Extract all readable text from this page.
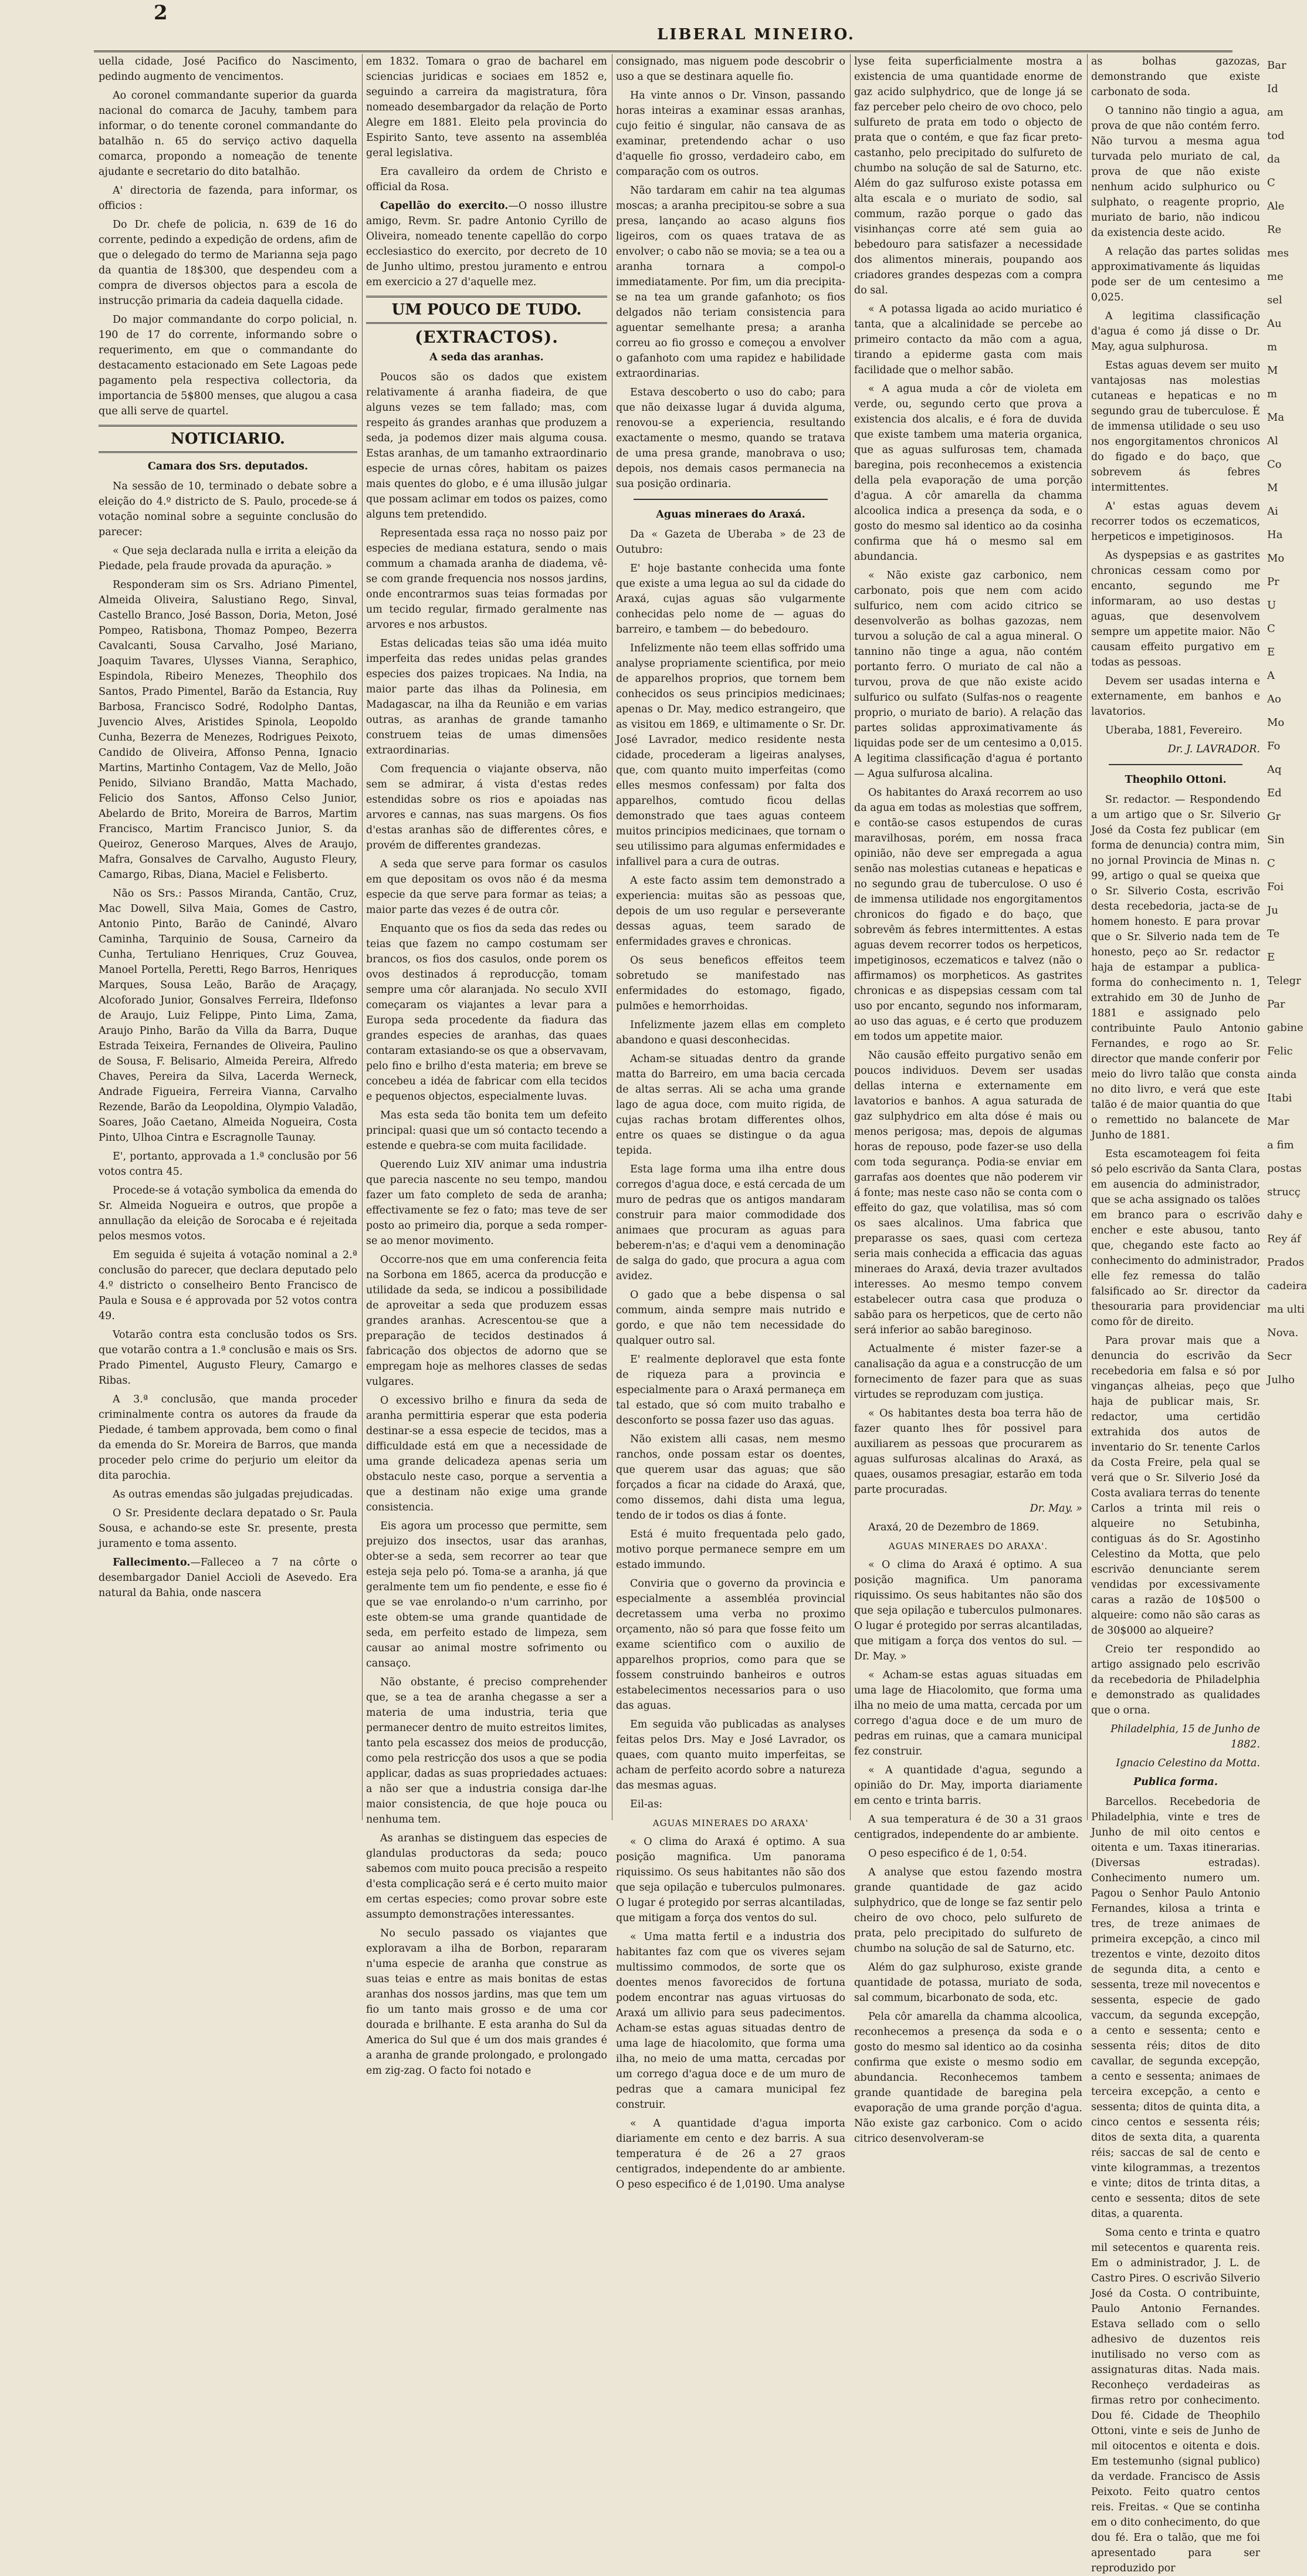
2
LIBERAL MINEIRO.

uella cidade, José Pacifico do Nascimento, pedindo augmento de vencimentos.

Ao coronel commandante superior da guarda nacional do comarca de Jacuhy, tambem para informar, o do tenente coronel commandante do batalhão n. 65 do serviço activo daquella comarca, propondo a nomeação de tenente ajudante e secretario do dito batalhão.

A' directoria de fazenda, para informar, os officios :

Do Dr. chefe de policia, n. 639 de 16 do corrente, pedindo a expedição de ordens, afim de que o delegado do termo de Marianna seja pago da quantia de 18$300, que despendeu com a compra de diversos objectos para a escola de instrucção primaria da cadeia daquella cidade.

Do major commandante do corpo policial, n. 190 de 17 do corrente, informando sobre o requerimento, em que o commandante do destacamento estacionado em Sete Lagoas pede pagamento pela respectiva collectoria, da importancia de 5$800 menses, que alugou a casa que alli serve de quartel.

NOTICIARIO.
Camara dos Srs. deputados.

Na sessão de 10, terminado o debate sobre a eleição do 4.º districto de S. Paulo, procede-se á votação nominal sobre a seguinte conclusão do parecer:

« Que seja declarada nulla e irrita a eleição da Piedade, pela fraude provada da apuração. »

Responderam sim os Srs. Adriano Pimentel, Almeida Oliveira, Salustiano Rego, Sinval, Castello Branco, José Basson, Doria, Meton, José Pompeo, Ratisbona, Thomaz Pompeo, Bezerra Cavalcanti, Sousa Carvalho, José Mariano, Joaquim Tavares, Ulysses Vianna, Seraphico, Espindola, Ribeiro Menezes, Theophilo dos Santos, Prado Pimentel, Barão da Estancia, Ruy Barbosa, Francisco Sodré, Rodolpho Dantas, Juvencio Alves, Aristides Spinola, Leopoldo Cunha, Bezerra de Menezes, Rodrigues Peixoto, Candido de Oliveira, Affonso Penna, Ignacio Martins, Martinho Contagem, Vaz de Mello, João Penido, Silviano Brandão, Matta Machado, Felicio dos Santos, Affonso Celso Junior, Abelardo de Brito, Moreira de Barros, Martim Francisco, Martim Francisco Junior, S. da Queiroz, Generoso Marques, Alves de Araujo, Mafra, Gonsalves de Carvalho, Augusto Fleury, Camargo, Ribas, Diana, Maciel e Felisberto.

Não os Srs.: Passos Miranda, Cantão, Cruz, Mac Dowell, Silva Maia, Gomes de Castro, Antonio Pinto, Barão de Canindé, Alvaro Caminha, Tarquinio de Sousa, Carneiro da Cunha, Tertuliano Henriques, Cruz Gouvea, Manoel Portella, Peretti, Rego Barros, Henriques Marques, Sousa Leão, Barão de Araçagy, Alcoforado Junior, Gonsalves Ferreira, Ildefonso de Araujo, Luiz Felippe, Pinto Lima, Zama, Araujo Pinho, Barão da Villa da Barra, Duque Estrada Teixeira, Fernandes de Oliveira, Paulino de Sousa, F. Belisario, Almeida Pereira, Alfredo Chaves, Pereira da Silva, Lacerda Werneck, Andrade Figueira, Ferreira Vianna, Carvalho Rezende, Barão da Leopoldina, Olympio Valadão, Soares, João Caetano, Almeida Nogueira, Costa Pinto, Ulhoa Cintra e Escragnolle Taunay.

E', portanto, approvada a 1.ª conclusão por 56 votos contra 45.

Procede-se á votação symbolica da emenda do Sr. Almeida Nogueira e outros, que propõe a annullação da eleição de Sorocaba e é rejeitada pelos mesmos votos.

Em seguida é sujeita á votação nominal a 2.ª conclusão do parecer, que declara deputado pelo 4.º districto o conselheiro Bento Francisco de Paula e Sousa e é approvada por 52 votos contra 49.

Votarão contra esta conclusão todos os Srs. que votarão contra a 1.ª conclusão e mais os Srs. Prado Pimentel, Augusto Fleury, Camargo e Ribas.

A 3.ª conclusão, que manda proceder criminalmente contra os autores da fraude da Piedade, é tambem approvada, bem como o final da emenda do Sr. Moreira de Barros, que manda proceder pelo crime do perjurio um eleitor da dita parochia.

As outras emendas são julgadas prejudicadas.

O Sr. Presidente declara depatado o Sr. Paula Sousa, e achando-se este Sr. presente, presta juramento e toma assento.

Fallecimento.—Falleceo a 7 na côrte o desembargador Daniel Accioli de Asevedo. Era natural da Bahia, onde nascera

em 1832. Tomara o grao de bacharel em sciencias juridicas e sociaes em 1852 e, seguindo a carreira da magistratura, fôra nomeado desembargador da relação de Porto Alegre em 1881. Eleito pela provincia do Espirito Santo, teve assento na assembléa geral legislativa.

Era cavalleiro da ordem de Christo e official da Rosa.

Capellão do exercito.—O nosso illustre amigo, Revm. Sr. padre Antonio Cyrillo de Oliveira, nomeado tenente capellão do corpo ecclesiastico do exercito, por decreto de 10 de Junho ultimo, prestou juramento e entrou em exercicio a 27 d'aquelle mez.

UM POUCO DE TUDO.
(EXTRACTOS).
A seda das aranhas.

Poucos são os dados que existem relativamente á aranha fiadeira, de que alguns vezes se tem fallado; mas, com respeito ás grandes aranhas que produzem a seda, ja podemos dizer mais alguma cousa. Estas aranhas, de um tamanho extraordinario especie de urnas côres, habitam os paizes mais quentes do globo, e é uma illusão julgar que possam aclimar em todos os paizes, como alguns tem pretendido.

Representada essa raça no nosso paiz por especies de mediana estatura, sendo o mais commum a chamada aranha de diadema, vê-se com grande frequencia nos nossos jardins, onde encontrarmos suas teias formadas por um tecido regular, firmado geralmente nas arvores e nos arbustos.

Estas delicadas teias são uma idéa muito imperfeita das redes unidas pelas grandes especies dos paizes tropicaes. Na India, na maior parte das ilhas da Polinesia, em Madagascar, na ilha da Reunião e em varias outras, as aranhas de grande tamanho construem teias de umas dimensões extraordinarias.

Com frequencia o viajante observa, não sem se admirar, á vista d'estas redes estendidas sobre os rios e apoiadas nas arvores e cannas, nas suas margens. Os fios d'estas aranhas são de differentes côres, e provém de differentes grandezas.

A seda que serve para formar os casulos em que depositam os ovos não é da mesma especie da que serve para formar as teias; a maior parte das vezes é de outra côr.

Enquanto que os fios da seda das redes ou teias que fazem no campo costumam ser brancos, os fios dos casulos, onde porem os ovos destinados á reproducção, tomam sempre uma côr alaranjada. No seculo XVII começaram os viajantes a levar para a Europa seda procedente da fiadura das grandes especies de aranhas, das quaes contaram extasiando-se os que a observavam, pelo fino e brilho d'esta materia; em breve se concebeu a idéa de fabricar com ella tecidos e pequenos objectos, especialmente luvas.

Mas esta seda tão bonita tem um defeito principal: quasi que um só contacto tecendo a estende e quebra-se com muita facilidade.

Querendo Luiz XIV animar uma industria que parecia nascente no seu tempo, mandou fazer um fato completo de seda de aranha; effectivamente se fez o fato; mas teve de ser posto ao primeiro dia, porque a seda romper-se ao menor movimento.

Occorre-nos que em uma conferencia feita na Sorbona em 1865, acerca da producção e utilidade da seda, se indicou a possibilidade de aproveitar a seda que produzem essas grandes aranhas. Acrescentou-se que a preparação de tecidos destinados á fabricação dos objectos de adorno que se empregam hoje as melhores classes de sedas vulgares.

O excessivo brilho e finura da seda de aranha permittiria esperar que esta poderia destinar-se a essa especie de tecidos, mas a difficuldade está em que a necessidade de uma grande delicadeza apenas seria um obstaculo neste caso, porque a serventia a que a destinam não exige uma grande consistencia.

Eis agora um processo que permitte, sem prejuizo dos insectos, usar das aranhas, obter-se a seda, sem recorrer ao tear que esteja seja pelo pó. Toma-se a aranha, já que geralmente tem um fio pendente, e esse fio é que se vae enrolando-o n'um carrinho, por este obtem-se uma grande quantidade de seda, em perfeito estado de limpeza, sem causar ao animal mostre sofrimento ou cansaço.

Não obstante, é preciso comprehender que, se a tea de aranha chegasse a ser a materia de uma industria, teria que permanecer dentro de muito estreitos limites, tanto pela escassez dos meios de producção, como pela restricção dos usos a que se podia applicar, dadas as suas propriedades actuaes: a não ser que a industria consiga dar-lhe maior consistencia, de que hoje pouca ou nenhuma tem.

As aranhas se distinguem das especies de glandulas productoras da seda; pouco sabemos com muito pouca precisão a respeito d'esta complicação será e é certo muito maior em certas especies; como provar sobre este assumpto demonstrações interessantes.

No seculo passado os viajantes que exploravam a ilha de Borbon, repararam n'uma especie de aranha que construe as suas teias e entre as mais bonitas de estas aranhas dos nossos jardins, mas que tem um fio um tanto mais grosso e de uma cor dourada e brilhante. E esta aranha do Sul da America do Sul que é um dos mais grandes é a aranha de grande prolongado, e prolongado em zig-zag. O facto foi notado e

consignado, mas niguem pode descobrir o uso a que se destinara aquelle fio.

Ha vinte annos o Dr. Vinson, passando horas inteiras a examinar essas aranhas, cujo feitio é singular, não cansava de as examinar, pretendendo achar o uso d'aquelle fio grosso, verdadeiro cabo, em comparação com os outros.

Não tardaram em cahir na tea algumas moscas; a aranha precipitou-se sobre a sua presa, lançando ao acaso alguns fios ligeiros, com os quaes tratava de as envolver; o cabo não se movia; se a tea ou a aranha tornara a compol-o immediatamente. Por fim, um dia precipita-se na tea um grande gafanhoto; os fios delgados não teriam consistencia para aguentar semelhante presa; a aranha correu ao fio grosso e começou a envolver o gafanhoto com uma rapidez e habilidade extraordinarias.

Estava descoberto o uso do cabo; para que não deixasse lugar á duvida alguma, renovou-se a experiencia, resultando exactamente o mesmo, quando se tratava de uma presa grande, manobrava o uso; depois, nos demais casos permanecia na sua posição ordinaria.

Aguas mineraes do Araxá.

Da « Gazeta de Uberaba » de 23 de Outubro:

E' hoje bastante conhecida uma fonte que existe a uma legua ao sul da cidade do Araxá, cujas aguas são vulgarmente conhecidas pelo nome de — aguas do barreiro, e tambem — do bebedouro.

Infelizmente não teem ellas soffrido uma analyse propriamente scientifica, por meio de apparelhos proprios, que tornem bem conhecidos os seus principios medicinaes; apenas o Dr. May, medico estrangeiro, que as visitou em 1869, e ultimamente o Sr. Dr. José Lavrador, medico residente nesta cidade, procederam a ligeiras analyses, que, com quanto muito imperfeitas (como elles mesmos confessam) por falta dos apparelhos, comtudo ficou dellas demonstrado que taes aguas conteem muitos principios medicinaes, que tornam o seu utilissimo para algumas enfermidades e infallivel para a cura de outras.

A este facto assim tem demonstrado a experiencia: muitas são as pessoas que, depois de um uso regular e perseverante dessas aguas, teem sarado de enfermidades graves e chronicas.

Os seus beneficos effeitos teem sobretudo se manifestado nas enfermidades do estomago, figado, pulmões e hemorrhoidas.

Infelizmente jazem ellas em completo abandono e quasi desconhecidas.

Acham-se situadas dentro da grande matta do Barreiro, em uma bacia cercada de altas serras. Ali se acha uma grande lago de agua doce, com muito rigida, de cujas rachas brotam differentes olhos, entre os quaes se distingue o da agua tepida.

Esta lage forma uma ilha entre dous corregos d'agua doce, e está cercada de um muro de pedras que os antigos mandaram construir para maior commodidade dos animaes que procuram as aguas para beberem-n'as; e d'aqui vem a denominação de salga do gado, que procura a agua com avidez.

O gado que a bebe dispensa o sal commum, ainda sempre mais nutrido e gordo, e que não tem necessidade do qualquer outro sal.

E' realmente deploravel que esta fonte de riqueza para a provincia e especialmente para o Araxá permaneça em tal estado, que só com muito trabalho e desconforto se possa fazer uso das aguas.

Não existem alli casas, nem mesmo ranchos, onde possam estar os doentes, que querem usar das aguas; que são forçados a ficar na cidade do Araxá, que, como dissemos, dahi dista uma legua, tendo de ir todos os dias á fonte.

Está é muito frequentada pelo gado, motivo porque permanece sempre em um estado immundo.

Conviria que o governo da provincia e especialmente a assembléa provincial decretassem uma verba no proximo orçamento, não só para que fosse feito um exame scientifico com o auxilio de apparelhos proprios, como para que se fossem construindo banheiros e outros estabelecimentos necessarios para o uso das aguas.

Em seguida vão publicadas as analyses feitas pelos Drs. May e José Lavrador, os quaes, com quanto muito imperfeitas, se acham de perfeito acordo sobre a natureza das mesmas aguas.

Eil-as:

AGUAS MINERAES DO ARAXA'

« O clima do Araxá é optimo. A sua posição magnifica. Um panorama riquissimo. Os seus habitantes não são dos que seja opilação e tuberculos pulmonares. O lugar é protegido por serras alcantiladas, que mitigam a força dos ventos do sul.

« Uma matta fertil e a industria dos habitantes faz com que os viveres sejam multissimo commodos, de sorte que os doentes menos favorecidos de fortuna podem encontrar nas aguas virtuosas do Araxá um allivio para seus padecimentos. Acham-se estas aguas situadas dentro de uma lage de hiacolomito, que forma uma ilha, no meio de uma matta, cercadas por um corrego d'agua doce e de um muro de pedras que a camara municipal fez construir.

« A quantidade d'agua importa diariamente em cento e dez barris. A sua temperatura é de 26 a 27 graos centigrados, independente do ar ambiente. O peso especifico é de 1,0190. Uma analyse

lyse feita superficialmente mostra a existencia de uma quantidade enorme de gaz acido sulphydrico, que de longe já se faz perceber pelo cheiro de ovo choco, pelo sulfureto de prata em todo o objecto de prata que o contém, e que faz ficar preto-castanho, pelo precipitado do sulfureto de chumbo na solução de sal de Saturno, etc. Além do gaz sulfuroso existe potassa em alta escala e o muriato de sodio, sal commum, razão porque o gado das visinhanças corre até sem guia ao bebedouro para satisfazer a necessidade dos alimentos minerais, poupando aos criadores grandes despezas com a compra do sal.

« A potassa ligada ao acido muriatico é tanta, que a alcalinidade se percebe ao primeiro contacto da mão com a agua, tirando a epiderme gasta com mais facilidade que o melhor sabão.

« A agua muda a côr de violeta em verde, ou, segundo certo que prova a existencia dos alcalis, e é fora de duvida que existe tambem uma materia organica, que as aguas sulfurosas tem, chamada baregina, pois reconhecemos a existencia della pela evaporação de uma porção d'agua. A côr amarella da chamma alcoolica indica a presença da soda, e o gosto do mesmo sal identico ao da cosinha confirma que há o mesmo sal em abundancia.

« Não existe gaz carbonico, nem carbonato, pois que nem com acido sulfurico, nem com acido citrico se desenvolverão as bolhas gazozas, nem turvou a solução de cal a agua mineral. O tannino não tinge a agua, não contém portanto ferro. O muriato de cal não a turvou, prova de que não existe acido sulfurico ou sulfato (Sulfas-nos o reagente proprio, o muriato de bario). A relação das partes solidas approximativamente ás liquidas pode ser de um centesimo a 0,015. A legitima classificação d'agua é portanto — Agua sulfurosa alcalina.

Os habitantes do Araxá recorrem ao uso da agua em todas as molestias que soffrem, e contão-se casos estupendos de curas maravilhosas, porém, em nossa fraca opinião, não deve ser empregada a agua senão nas molestias cutaneas e hepaticas e no segundo grau de tuberculose. O uso é de immensa utilidade nos engorgitamentos chronicos do figado e do baço, que sobrevêm ás febres intermittentes. A estas aguas devem recorrer todos os herpeticos, impetiginosos, eczematicos e talvez (não o affirmamos) os morpheticos. As gastrites chronicas e as dispepsias cessam com tal uso por encanto, segundo nos informaram, ao uso das aguas, e é certo que produzem em todos um appetite maior.

Não causão effeito purgativo senão em poucos individuos. Devem ser usadas dellas interna e externamente em lavatorios e banhos. A agua saturada de gaz sulphydrico em alta dóse é mais ou menos perigosa; mas, depois de algumas horas de repouso, pode fazer-se uso della com toda segurança. Podia-se enviar em garrafas aos doentes que não poderem vir á fonte; mas neste caso não se conta com o effeito do gaz, que volatilisa, mas só com os saes alcalinos. Uma fabrica que preparasse os saes, quasi com certeza seria mais conhecida a efficacia das aguas mineraes do Araxá, devia trazer avultados interesses. Ao mesmo tempo convem estabelecer outra casa que produza o sabão para os herpeticos, que de certo não será inferior ao sabão bareginoso.

Actualmente é mister fazer-se a canalisação da agua e a construcção de um fornecimento de fazer para que as suas virtudes se reproduzam com justiça.

« Os habitantes desta boa terra hão de fazer quanto lhes fôr possivel para auxiliarem as pessoas que procurarem as aguas sulfurosas alcalinas do Araxá, as quaes, ousamos presagiar, estarão em toda parte procuradas.

Dr. May. »

Araxá, 20 de Dezembro de 1869.

AGUAS MINERAES DO ARAXA'.

« O clima do Araxá é optimo. A sua posição magnifica. Um panorama riquissimo. Os seus habitantes não são dos que seja opilação e tuberculos pulmonares. O lugar é protegido por serras alcantiladas, que mitigam a força dos ventos do sul. — Dr. May. »

« Acham-se estas aguas situadas em uma lage de Hiacolomito, que forma uma ilha no meio de uma matta, cercada por um corrego d'agua doce e de um muro de pedras em ruinas, que a camara municipal fez construir.

« A quantidade d'agua, segundo a opinião do Dr. May, importa diariamente em cento e trinta barris.

A sua temperatura é de 30 a 31 graos centigrados, independente do ar ambiente.

O peso especifico é de 1, 0:54.

A analyse que estou fazendo mostra grande quantidade de gaz acido sulphydrico, que de longe se faz sentir pelo cheiro de ovo choco, pelo sulfureto de prata, pelo precipitado do sulfureto de chumbo na solução de sal de Saturno, etc.

Além do gaz sulphuroso, existe grande quantidade de potassa, muriato de soda, sal commum, bicarbonato de soda, etc.

Pela côr amarella da chamma alcoolica, reconhecemos a presença da soda e o gosto do mesmo sal identico ao da cosinha confirma que existe o mesmo sodio em abundancia. Reconhecemos tambem grande quantidade de baregina pela evaporação de uma grande porção d'agua. Não existe gaz carbonico. Com o acido citrico desenvolveram-se

as bolhas gazozas, demonstrando que existe carbonato de soda.

O tannino não tingio a agua, prova de que não contém ferro. Não turvou a mesma agua turvada pelo muriato de cal, prova de que não existe nenhum acido sulphurico ou sulphato, o reagente proprio, muriato de bario, não indicou da existencia deste acido.

A relação das partes solidas approximativamente ás liquidas pode ser de um centesimo a 0,025.

A legitima classificação d'agua é como já disse o Dr. May, agua sulphurosa.

Estas aguas devem ser muito vantajosas nas molestias cutaneas e hepaticas e no segundo grau de tuberculose. É de immensa utilidade o seu uso nos engorgitamentos chronicos do figado e do baço, que sobrevem ás febres intermittentes.

A' estas aguas devem recorrer todos os eczematicos, herpeticos e impetiginosos.

As dyspepsias e as gastrites chronicas cessam como por encanto, segundo me informaram, ao uso destas aguas, que desenvolvem sempre um appetite maior. Não causam effeito purgativo em todas as pessoas.

Devem ser usadas interna e externamente, em banhos e lavatorios.

Uberaba, 1881, Fevereiro.

Dr. J. LAVRADOR.

Theophilo Ottoni.

Sr. redactor. — Respondendo a um artigo que o Sr. Silverio José da Costa fez publicar (em forma de denuncia) contra mim, no jornal Provincia de Minas n. 99, artigo o qual se queixa que o Sr. Silverio Costa, escrivão desta recebedoria, jacta-se de homem honesto. E para provar que o Sr. Silverio nada tem de honesto, peço ao Sr. redactor haja de estampar a publica-forma do conhecimento n. 1, extrahido em 30 de Junho de 1881 e assignado pelo contribuinte Paulo Antonio Fernandes, e rogo ao Sr. director que mande conferir por meio do livro talão que consta no dito livro, e verá que este talão é de maior quantia do que o remettido no balancete de Junho de 1881.

Esta escamoteagem foi feita só pelo escrivão da Santa Clara, em ausencia do administrador, que se acha assignado os talões em branco para o escrivão encher e este abusou, tanto que, chegando este facto ao conhecimento do administrador, elle fez remessa do talão falsificado ao Sr. director da thesouraria para providenciar como fôr de direito.

Para provar mais que a denuncia do escrivão da recebedoria em falsa e só por vinganças alheias, peço que haja de publicar mais, Sr. redactor, uma certidão extrahida dos autos de inventario do Sr. tenente Carlos da Costa Freire, pela qual se verá que o Sr. Silverio José da Costa avaliara terras do tenente Carlos a trinta mil reis o alqueire no Setubinha, contiguas ás do Sr. Agostinho Celestino da Motta, que pelo escrivão denunciante serem vendidas por excessivamente caras a razão de 10$500 o alqueire: como não são caras as de 30$000 ao alqueire?

Creio ter respondido ao artigo assignado pelo escrivão da recebedoria de Philadelphia e demonstrado as qualidades que o orna.

Philadelphia, 15 de Junho de 1882.

Ignacio Celestino da Motta.

Publica forma.

Barcellos. Recebedoria de Philadelphia, vinte e tres de Junho de mil oito centos e oitenta e um. Taxas itinerarias. (Diversas estradas). Conhecimento numero um. Pagou o Senhor Paulo Antonio Fernandes, kilosa a trinta e tres, de treze animaes de primeira excepção, a cinco mil trezentos e vinte, dezoito ditos de segunda dita, a cento e sessenta, treze mil novecentos e sessenta, especie de gado vaccum, da segunda excepção, a cento e sessenta; cento e sessenta réis; ditos de dito cavallar, de segunda excepção, a cento e sessenta; animaes de terceira excepção, a cento e sessenta; ditos de quinta dita, a cinco centos e sessenta réis; ditos de sexta dita, a quarenta réis; saccas de sal de cento e vinte kilogrammas, a trezentos e vinte; ditos de trinta ditas, a cento e sessenta; ditos de sete ditas, a quarenta.

Soma cento e trinta e quatro mil setecentos e quarenta reis. Em o administrador, J. L. de Castro Pires. O escrivão Silverio José da Costa. O contribuinte, Paulo Antonio Fernandes. Estava sellado com o sello adhesivo de duzentos reis inutilisado no verso com as assignaturas ditas. Nada mais. Reconheço verdadeiras as firmas retro por conhecimento. Dou fé. Cidade de Theophilo Ottoni, vinte e seis de Junho de mil oitocentos e oitenta e dois. Em testemunho (signal publico) da verdade. Francisco de Assis Peixoto. Feito quatro centos reis. Freitas. « Que se continha em o dito conhecimento, do que dou fé. Era o talão, que me foi apresentado para ser reproduzido por

Bar
Id
am
tod
da
C
Ale
Re
mes
me
sel
Au
m
M
m
Ma
Al
Co
M
Ai
Ha
Mo
Pr
U
C
E
A
Ao
Mo
Fo
Aq
Ed
Gr
Sin
C
Foi
Ju
Te
E
Telegr
Par
gabine
Felic
ainda
Itabi
Mar
a fim
postas
strucç
dahy e
Rey áf
Prados
cadeira
ma ulti
Nova.
Secr
Julho
